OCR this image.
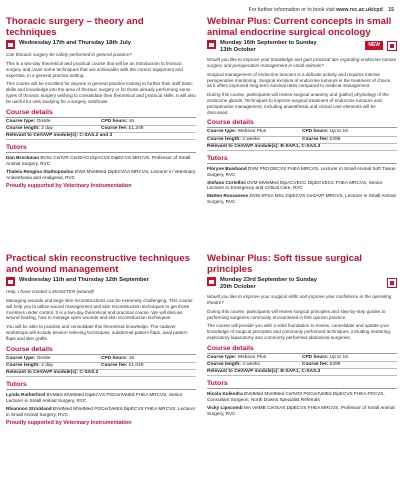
For further information or to book visit www.rvc.ac.uk/cpd 15
Thoracic surgery – theory and techniques
Wednesday 17th and Thursday 18th July

Can thoracic surgery be safely performed in general practice?

This is a two-day theoretical and practical course that will be an introduction to thoracic surgery and cover some techniques that are achievable with the correct equipment and expertise, in a general practice setting.

This course will be excellent for anyone in general practice looking to further their staff basic skills and knowledge into the area of thoracic surgery or for those already performing some types of thoracic surgery wishing to consolidate their theoretical and practical skills. It will also be useful for vets studying for a surgery certificate.

Course details
Course type: Onsite	CPD hours: 16
Course length: 2 day	Course fee: £1,349
Relevant to CertAVP module(s): C-SAS.2 and 3
Tutors
Dan Brockman BVSc CertVR CertSAO DipACVS DipECVS MRCVS, Professor of Small Animal Surgery, RVC
Thaleia Rengina Stathopoulou DVM MVetMed DipECVAA MRCVS, Lecturer in Veterinary Anaesthesia and Analgesia, RVC
Proudly supported by Veterinary Instrumentation
Practical skin reconstructive techniques and wound management
Wednesday 11th and Thursday 12th September

Help, I have created a MONSTER (wound)!

Managing wounds and large skin reconstructions can be extremely challenging. This course will help you to utilise wound management and skin reconstruction techniques to get those monsters under control. It is a two-day theoretical and practical course. We will discuss wound healing, how to manage open wounds and skin reconstruction techniques.

You will be able to practise and consolidate this theoretical knowledge. The cadaver workshops will include tension relieving techniques, subdermal pattern flaps, axial pattern flaps and skin grafts.

Course details
Course type: Onsite	CPD hours: 16
Course length: 2 day	Course fee: £1,049
Relevant to CertAVP module(s): C-SAS.2
Tutors
Lynda Rutherford BVM&S MVetMed DipECVS PGCertVetEd FHEA MRCVS, Senior Lecturer in Small Animal Surgery, RVC
Rhiannon Strickland BVetMed MVetMed PGCertVetEd DipECVS FHEA MRCVS, Lecturer in Small Animal Surgery, RVC
Proudly supported by Veterinary Instrumentation
Webinar Plus: Current concepts in small animal endocrine surgical oncology
Monday 16th September to Sunday 13th October
NEW

Would you like to improve your knowledge and gain practical tips regarding endocrine tumour surgery and perioperative management in small animals?

Surgical management of endocrine tumours is a delicate activity and requires intense perioperative monitoring. Surgical excision of endocrine tumours is the treatment of choice, as it offers improved long-term survival rates compared to medical management.

During this course, participants will review surgical anatomy and (patho) physiology of the endocrine glands. Techniques to improve surgical treatment of endocrine tumours and perioperative management, including anaesthesia and critical care elements will be discussed.

Course details
Course type: Webinar Plus	CPD hours: Up to 16
Course length: 4 weeks	Course fee: £399
Relevant to CertAVP module(s): B-SAP.1, C-SAS.3
Tutors
Floryne Buishand DVM PhD DECVS FHEA MRCVS, Lecturer in Small Animal Soft Tissue Surgery, RVC
Stefano Cortellini DVM MVetMed DipACVECC DipECVECC FHEA MRCVS, Senior Lecturer in Emergency and Critical Care, RVC
Matteo Rossanese DVM SPSA MSc DipECVS CertAVP MRCVS, Lecturer in Small Animal Surgery, RVC
Webinar Plus: Soft tissue surgical principles
Monday 23rd September to Sunday 20th October

Would you like to improve your surgical skills and improve your confidence in the operating theatre?

During this course, participants will review surgical principles and step-by-step guides to performing surgeries commonly encountered in first opinion practice.

The course will provide you with a solid foundation to review, consolidate and update your knowledge of surgical principles and commonly performed techniques, including neutering, exploratory laparotomy and commonly performed abdominal surgeries.

Course details
Course type: Webinar Plus	CPD hours: Up to 16
Course length: 4 weeks	Course fee: £399
Relevant to CertAVP module(s): B-SAP.1, C-SAS.3
Tutors
Nicola Kulendra BVetMed MVetMed CertVDI PGCertVetEd DipECVS FHEA FRCVS, Consultant Surgeon, North Downs Specialist Referrals
Vicky Lipscomb MA VetMB CertSAS DipECVS FHEA MRCVS, Professor of Small Animal Surgery, RVC
